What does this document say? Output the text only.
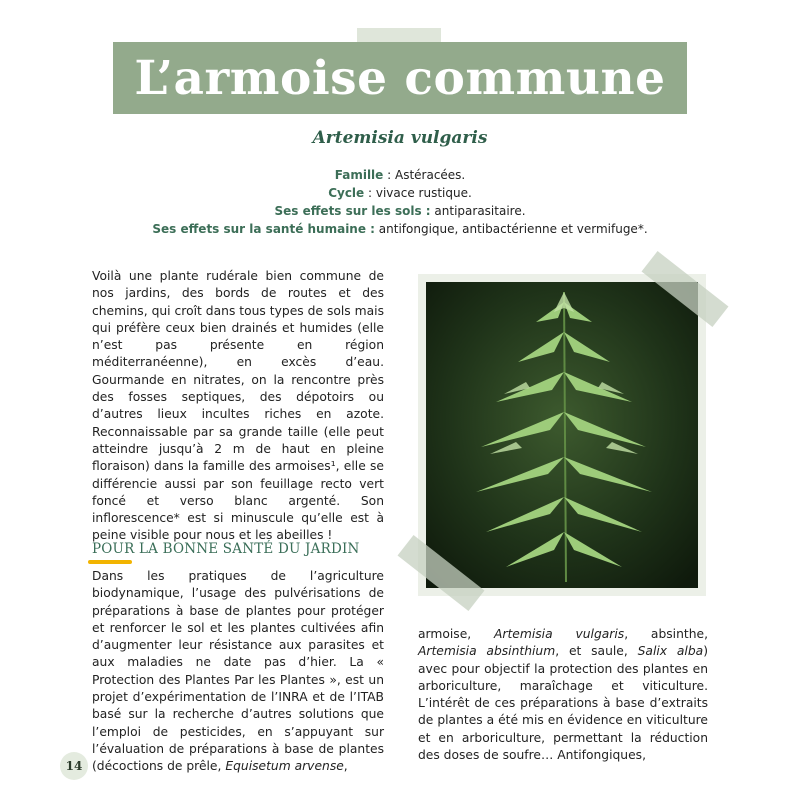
L’armoise commune
Artemisia vulgaris
Famille : Astéracées.
Cycle : vivace rustique.
Ses effets sur les sols : antiparasitaire.
Ses effets sur la santé humaine : antifongique, antibactérienne et vermifuge*.
Voilà une plante rudérale bien commune de nos jardins, des bords de routes et des chemins, qui croît dans tous types de sols mais qui préfère ceux bien drainés et humides (elle n’est pas présente en région méditerranéenne), en excès d’eau. Gourmande en nitrates, on la rencontre près des fosses septiques, des dépotoirs ou d’autres lieux incultes riches en azote. Reconnaissable par sa grande taille (elle peut atteindre jusqu’à 2 m de haut en pleine floraison) dans la famille des armoises¹, elle se différencie aussi par son feuillage recto vert foncé et verso blanc argenté. Son inflorescence* est si minuscule qu’elle est à peine visible pour nous et les abeilles !
POUR LA BONNE SANTÉ DU JARDIN
Dans les pratiques de l’agriculture biodynamique, l’usage des pulvérisations de préparations à base de plantes pour protéger et renforcer le sol et les plantes cultivées afin d’augmenter leur résistance aux parasites et aux maladies ne date pas d’hier. La « Protection des Plantes Par les Plantes », est un projet d’expérimentation de l’INRA et de l’ITAB basé sur la recherche d’autres solutions que l’emploi de pesticides, en s’appuyant sur l’évaluation de préparations à base de plantes (décoctions de prêle, Equisetum arvense,
armoise, Artemisia vulgaris, absinthe, Artemisia absinthium, et saule, Salix alba) avec pour objectif la protection des plantes en arboriculture, maraîchage et viticulture. L’intérêt de ces préparations à base d’extraits de plantes a été mis en évidence en viticulture et en arboriculture, permettant la réduction des doses de soufre… Antifongiques,
14
